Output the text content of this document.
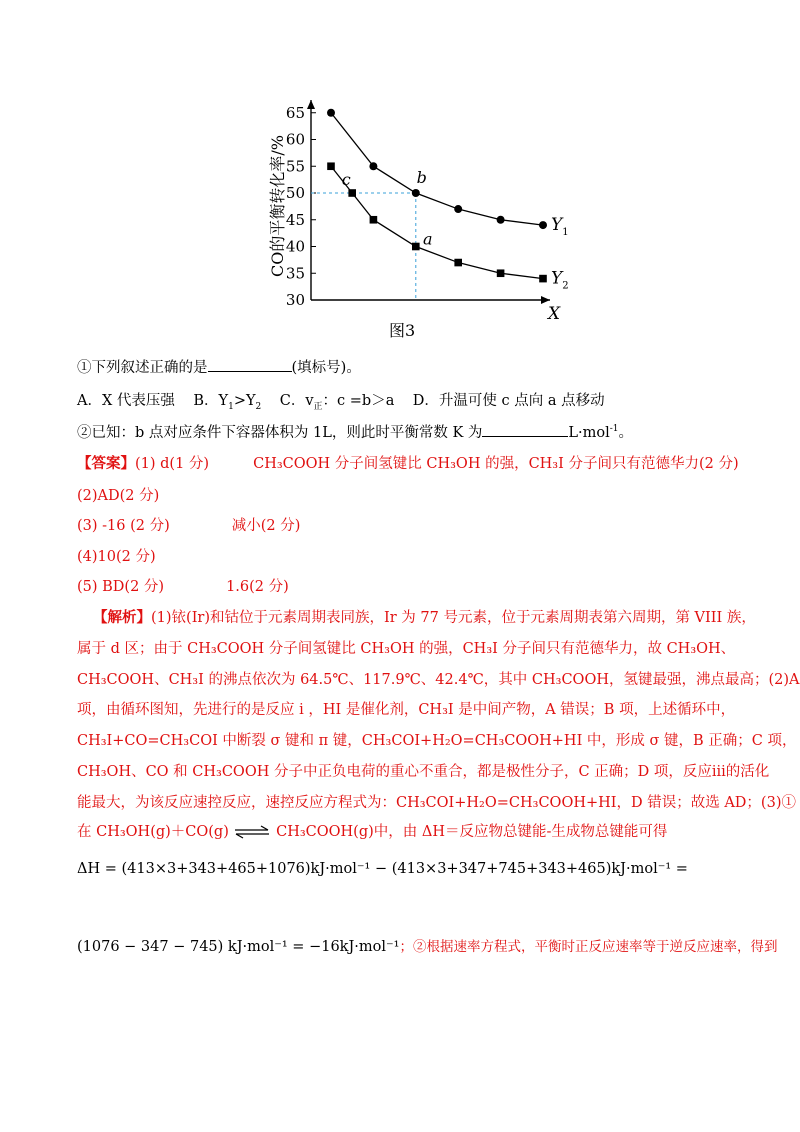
65
60
55
50
45
40
35
30
$Y_1$
$Y_2$
c	b
a
CO的平衡转化率/%
X
图3
①下列叙述正确的是	(填标号)。
A．X 代表压强 B．$Y_1>Y_2$ C．$v_正$：c =b＞a D．升温可使 c 点向 a 点移动
②已知：b 点对应条件下容器体积为 1L，则此时平衡常数 K 为	L·mol$^{-1}$。
【答案】(1) d(1 分)	CH₃COOH 分子间氢键比 CH₃OH 的强，CH₃I 分子间只有范德华力(2 分)
(2)AD(2 分)
(3) -16 (2 分)	减小(2 分)
(4)10(2 分)
(5) BD(2 分)	1.6(2 分)
【解析】(1)铱(Ir)和钴位于元素周期表同族，Ir 为 77 号元素，位于元素周期表第六周期，第 VIII 族，
属于 d 区；由于 CH₃COOH 分子间氢键比 CH₃OH 的强，CH₃I 分子间只有范德华力，故 CH₃OH、
CH₃COOH、CH₃I 的沸点依次为 64.5℃、117.9℃、42.4℃，其中 CH₃COOH，氢键最强，沸点最高；(2)A
项，由循环图知，先进行的是反应 i ，HI 是催化剂，CH₃I 是中间产物，A 错误；B 项，上述循环中，
CH₃I+CO=CH₃COI 中断裂 σ 键和 π 键，CH₃COI+H₂O=CH₃COOH+HI 中，形成 σ 键，B 正确；C 项，
CH₃OH、CO 和 CH₃COOH 分子中正负电荷的重心不重合，都是极性分子，C 正确；D 项，反应iii的活化
能最大，为该反应速控反应，速控反应方程式为：CH₃COI+H₂O=CH₃COOH+HI，D 错误；故选 AD；(3)①
在 CH₃OH(g)＋CO(g) ⇌ CH₃COOH(g)中，由 ΔH＝反应物总键能-生成物总键能可得
ΔH = (413×3+343+465+1076)kJ·mol⁻¹ − (413×3+347+745+343+465)kJ·mol⁻¹ =
(1076 − 347 − 745) kJ·mol⁻¹ = −16kJ·mol⁻¹；②根据速率方程式，平衡时正反应速率等于逆反应速率，得到
